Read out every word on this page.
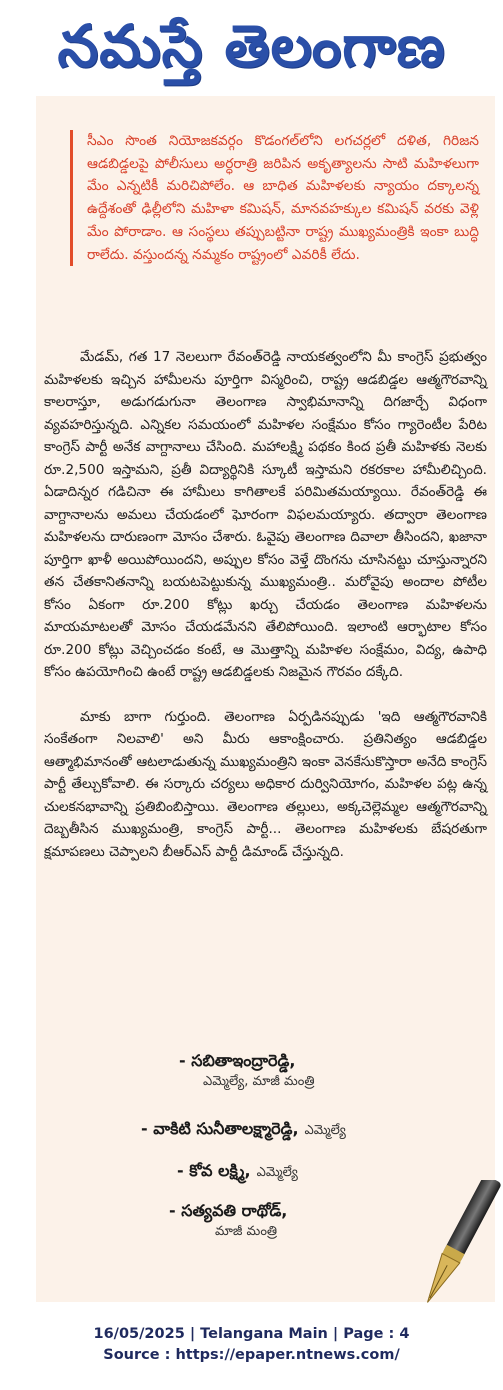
నమస్తే తెలంగాణ

సీఎం సొంత నియోజకవర్గం కొడంగల్‌లోని లగచర్లలో దళిత, గిరిజన ఆడబిడ్డలపై పోలీసులు అర్ధరాత్రి జరిపిన అకృత్యాలను సాటి మహిళలుగా మేం ఎన్నటికీ మరిచిపోలేం. ఆ బాధిత మహిళలకు న్యాయం దక్కాలన్న ఉద్దేశంతో ఢిల్లీలోని మహిళా కమిషన్, మానవహక్కుల కమిషన్ వరకు వెళ్లి మేం పోరాడాం. ఆ సంస్థలు తప్పుబట్టినా రాష్ట్ర ముఖ్యమంత్రికి ఇంకా బుద్ధి రాలేదు. వస్తుందన్న నమ్మకం రాష్ట్రంలో ఎవరికీ లేదు.

మేడమ్, గత 17 నెలలుగా రేవంత్‌రెడ్డి నాయకత్వంలోని మీ కాంగ్రెస్ ప్రభుత్వం మహిళలకు ఇచ్చిన హామీలను పూర్తిగా విస్మరించి, రాష్ట్ర ఆడబిడ్డల ఆత్మగౌరవాన్ని కాలరాస్తూ, అడుగడుగునా తెలంగాణ స్వాభిమానాన్ని దిగజార్చే విధంగా వ్యవహరిస్తున్నది. ఎన్నికల సమయంలో మహిళల సంక్షేమం కోసం గ్యారెంటీల పేరిట కాంగ్రెస్ పార్టీ అనేక వాగ్దానాలు చేసింది. మహాలక్ష్మి పథకం కింద ప్రతీ మహిళకు నెలకు రూ.2,500 ఇస్తామని, ప్రతీ విద్యార్థినికి స్కూటీ ఇస్తామని రకరకాల హామీలిచ్చింది. ఏడాదిన్నర గడిచినా ఈ హామీలు కాగితాలకే పరిమితమయ్యాయి. రేవంత్‌రెడ్డి ఈ వాగ్దానాలను అమలు చేయడంలో ఘోరంగా విఫలమయ్యారు. తద్వారా తెలంగాణ మహిళలను దారుణంగా మోసం చేశారు. ఓవైపు తెలంగాణ దివాలా తీసిందని, ఖజానా పూర్తిగా ఖాళీ అయిపోయిందని, అప్పుల కోసం వెళ్తే దొంగను చూసినట్టు చూస్తున్నారని తన చేతకానితనాన్ని బయటపెట్టుకున్న ముఖ్యమంత్రి.. మరోవైపు అందాల పోటీల కోసం ఏకంగా రూ.200 కోట్లు ఖర్చు చేయడం తెలంగాణ మహిళలను మాయమాటలతో మోసం చేయడమేనని తేలిపోయింది. ఇలాంటి ఆర్భాటాల కోసం రూ.200 కోట్లు వెచ్చించడం కంటే, ఆ మొత్తాన్ని మహిళల సంక్షేమం, విద్య, ఉపాధి కోసం ఉపయోగించి ఉంటే రాష్ట్ర ఆడబిడ్డలకు నిజమైన గౌరవం దక్కేది.

మాకు బాగా గుర్తుంది. తెలంగాణ ఏర్పడినప్పుడు 'ఇది ఆత్మగౌరవానికి సంకేతంగా నిలవాలి' అని మీరు ఆకాంక్షించారు. ప్రతినిత్యం ఆడబిడ్డల ఆత్మాభిమానంతో ఆటలాడుతున్న ముఖ్యమంత్రిని ఇంకా వెనకేసుకొస్తారా అనేది కాంగ్రెస్ పార్టీ తేల్చుకోవాలి. ఈ సర్కారు చర్యలు అధికార దుర్వినియోగం, మహిళల పట్ల ఉన్న చులకనభావాన్ని ప్రతిబింబిస్తాయి. తెలంగాణ తల్లులు, అక్కచెల్లెమ్మల ఆత్మగౌరవాన్ని దెబ్బతీసిన ముఖ్యమంత్రి, కాంగ్రెస్ పార్టీ... తెలంగాణ మహిళలకు బేషరతుగా క్షమాపణలు చెప్పాలని బీఆర్‌ఎస్ పార్టీ డిమాండ్ చేస్తున్నది.

- సబితాఇంద్రారెడ్డి,
ఎమ్మెల్యే, మాజీ మంత్రి
- వాకిటి సునీతాలక్ష్మారెడ్డి, ఎమ్మెల్యే
- కోవ లక్ష్మి, ఎమ్మెల్యే
- సత్యవతి రాథోడ్,
మాజీ మంత్రి
16/05/2025 | Telangana Main | Page : 4
Source : https://epaper.ntnews.com/
